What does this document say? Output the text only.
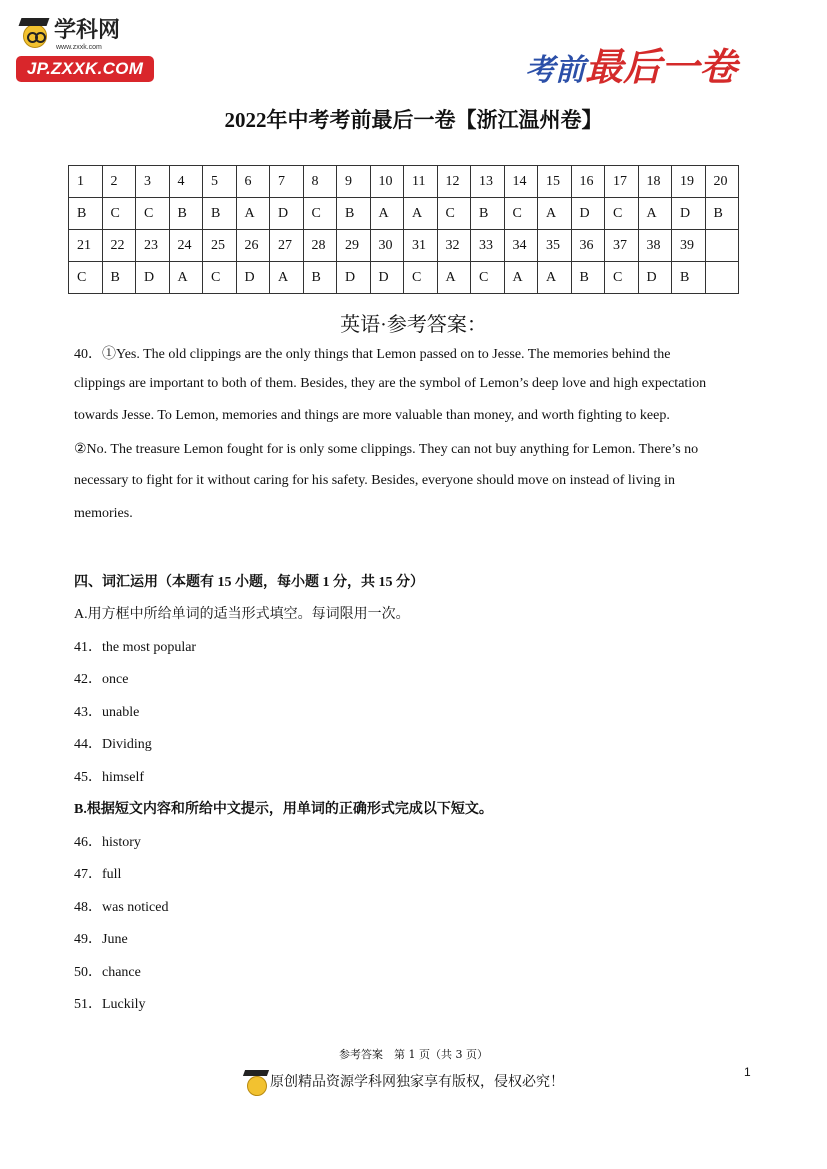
学科网
www.zxxk.com
JP.ZXXK.COM	考前最后一卷
2022年中考考前最后一卷【浙江温州卷】
1	2	3	4	5	6	7	8	9	10	11	12	13	14	15	16	17	18	19	20
B	C	C	B	B	A	D	C	B	A	A	C	B	C	A	D	C	A	D	B
21	22	23	24	25	26	27	28	29	30	31	32	33	34	35	36	37	38	39	
C	B	D	A	C	D	A	B	D	D	C	A	C	A	A	B	C	D	B	
英语·参考答案：
40．①Yes. The old clippings are the only things that Lemon passed on to Jesse. The memories behind the
clippings are important to both of them. Besides, they are the symbol of Lemon’s deep love and high expectation
towards Jesse. To Lemon, memories and things are more valuable than money, and worth fighting to keep.
②No. The treasure Lemon fought for is only some clippings. They can not buy anything for Lemon. There’s no
necessary to fight for it without caring for his safety. Besides, everyone should move on instead of living in
memories.
四、词汇运用（本题有 15 小题，每小题 1 分，共 15 分）
A.用方框中所给单词的适当形式填空。每词限用一次。
41．the most popular
42．once
43．unable
44．Dividing
45．himself
B.根据短文内容和所给中文提示，用单词的正确形式完成以下短文。
46．history
47．full
48．was noticed
49．June
50．chance
51．Luckily
参考答案　第 1 页（共 3 页）
原创精品资源学科网独家享有版权，侵权必究！
1
